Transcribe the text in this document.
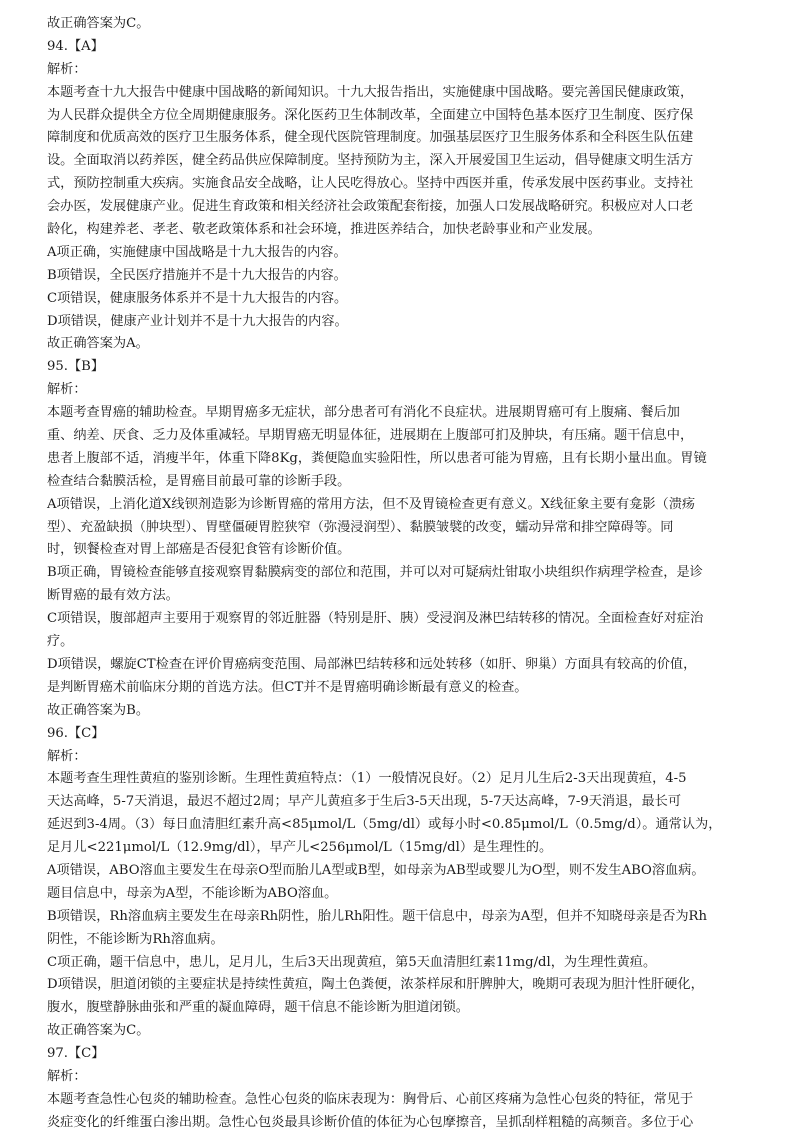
故正确答案为C。
94.【A】
解析：
本题考查十九大报告中健康中国战略的新闻知识。十九大报告指出，实施健康中国战略。要完善国民健康政策，
为人民群众提供全方位全周期健康服务。深化医药卫生体制改革，全面建立中国特色基本医疗卫生制度、医疗保
障制度和优质高效的医疗卫生服务体系，健全现代医院管理制度。加强基层医疗卫生服务体系和全科医生队伍建
设。全面取消以药养医，健全药品供应保障制度。坚持预防为主，深入开展爱国卫生运动，倡导健康文明生活方
式，预防控制重大疾病。实施食品安全战略，让人民吃得放心。坚持中西医并重，传承发展中医药事业。支持社
会办医，发展健康产业。促进生育政策和相关经济社会政策配套衔接，加强人口发展战略研究。积极应对人口老
龄化，构建养老、孝老、敬老政策体系和社会环境，推进医养结合，加快老龄事业和产业发展。
A项正确，实施健康中国战略是十九大报告的内容。
B项错误，全民医疗措施并不是十九大报告的内容。
C项错误，健康服务体系并不是十九大报告的内容。
D项错误，健康产业计划并不是十九大报告的内容。
故正确答案为A。
95.【B】
解析：
本题考查胃癌的辅助检查。早期胃癌多无症状，部分患者可有消化不良症状。进展期胃癌可有上腹痛、餐后加
重、纳差、厌食、乏力及体重减轻。早期胃癌无明显体征，进展期在上腹部可扪及肿块，有压痛。题干信息中，
患者上腹部不适，消瘦半年，体重下降8Kg，粪便隐血实验阳性，所以患者可能为胃癌，且有长期小量出血。胃镜
检查结合黏膜活检，是胃癌目前最可靠的诊断手段。
A项错误，上消化道X线钡剂造影为诊断胃癌的常用方法，但不及胃镜检查更有意义。X线征象主要有龛影（溃疡
型）、充盈缺损（肿块型）、胃壁僵硬胃腔狭窄（弥漫浸润型）、黏膜皱襞的改变，蠕动异常和排空障碍等。同
时，钡餐检查对胃上部癌是否侵犯食管有诊断价值。
B项正确，胃镜检查能够直接观察胃黏膜病变的部位和范围，并可以对可疑病灶钳取小块组织作病理学检查，是诊
断胃癌的最有效方法。
C项错误，腹部超声主要用于观察胃的邻近脏器（特别是肝、胰）受浸润及淋巴结转移的情况。全面检查好对症治
疗。
D项错误，螺旋CT检查在评价胃癌病变范围、局部淋巴结转移和远处转移（如肝、卵巢）方面具有较高的价值，
是判断胃癌术前临床分期的首选方法。但CT并不是胃癌明确诊断最有意义的检查。
故正确答案为B。
96.【C】
解析：
本题考查生理性黄疸的鉴别诊断。生理性黄疸特点：（1）一般情况良好。（2）足月儿生后2-3天出现黄疸，4-5
天达高峰，5-7天消退，最迟不超过2周；早产儿黄疸多于生后3-5天出现，5-7天达高峰，7-9天消退，最长可
延迟到3-4周。（3）每日血清胆红素升高<85μmol/L（5mg/dl）或每小时<0.85μmol/L（0.5mg/d）。通常认为，
足月儿<221μmol/L（12.9mg/dl），早产儿<256μmol/L（15mg/dl）是生理性的。
A项错误，ABO溶血主要发生在母亲O型而胎儿A型或B型，如母亲为AB型或婴儿为O型，则不发生ABO溶血病。
题目信息中，母亲为A型，不能诊断为ABO溶血。
B项错误，Rh溶血病主要发生在母亲Rh阴性，胎儿Rh阳性。题干信息中，母亲为A型，但并不知晓母亲是否为Rh
阴性，不能诊断为Rh溶血病。
C项正确，题干信息中，患儿，足月儿，生后3天出现黄疸，第5天血清胆红素11mg/dl，为生理性黄疸。
D项错误，胆道闭锁的主要症状是持续性黄疸，陶土色粪便，浓茶样尿和肝脾肿大，晚期可表现为胆汁性肝硬化，
腹水，腹壁静脉曲张和严重的凝血障碍，题干信息不能诊断为胆道闭锁。
故正确答案为C。
97.【C】
解析：
本题考查急性心包炎的辅助检查。急性心包炎的临床表现为：胸骨后、心前区疼痛为急性心包炎的特征，常见于
炎症变化的纤维蛋白渗出期。急性心包炎最具诊断价值的体征为心包摩擦音，呈抓刮样粗糙的高频音。多位于心
